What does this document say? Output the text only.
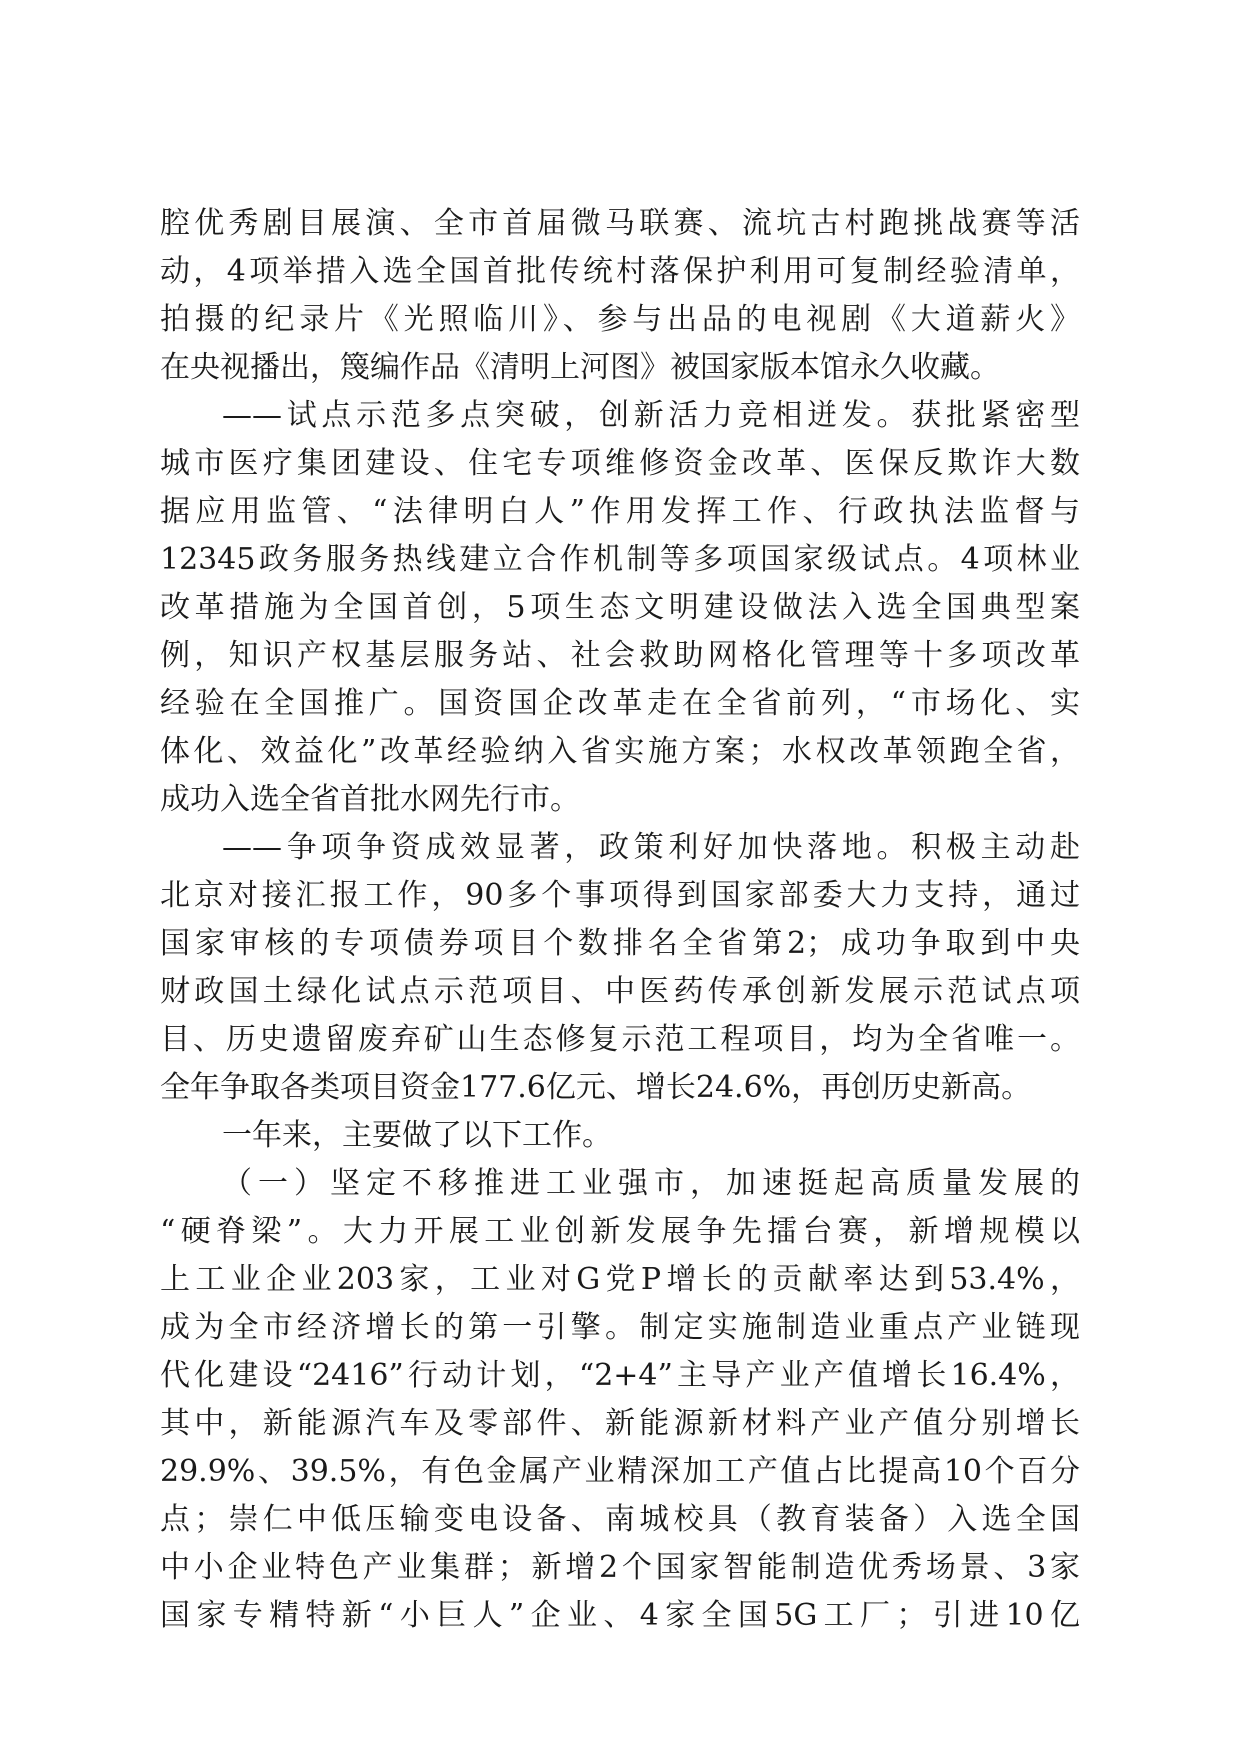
腔优秀剧目展演、全市首届微马联赛、流坑古村跑挑战赛等活
动，4项举措入选全国首批传统村落保护利用可复制经验清单，
拍摄的纪录片《光照临川》、参与出品的电视剧《大道薪火》
在央视播出，篾编作品《清明上河图》被国家版本馆永久收藏。
——试点示范多点突破，创新活力竞相迸发。获批紧密型
城市医疗集团建设、住宅专项维修资金改革、医保反欺诈大数
据应用监管、“法律明白人”作用发挥工作、行政执法监督与
12345政务服务热线建立合作机制等多项国家级试点。4项林业
改革措施为全国首创，5项生态文明建设做法入选全国典型案
例，知识产权基层服务站、社会救助网格化管理等十多项改革
经验在全国推广。国资国企改革走在全省前列，“市场化、实
体化、效益化”改革经验纳入省实施方案；水权改革领跑全省，
成功入选全省首批水网先行市。
——争项争资成效显著，政策利好加快落地。积极主动赴
北京对接汇报工作，90多个事项得到国家部委大力支持，通过
国家审核的专项债券项目个数排名全省第2；成功争取到中央
财政国土绿化试点示范项目、中医药传承创新发展示范试点项
目、历史遗留废弃矿山生态修复示范工程项目，均为全省唯一。
全年争取各类项目资金177.6亿元、增长24.6%，再创历史新高。
一年来，主要做了以下工作。
（一）坚定不移推进工业强市，加速挺起高质量发展的
“硬脊梁”。大力开展工业创新发展争先擂台赛，新增规模以
上工业企业203家，工业对G党P增长的贡献率达到53.4%，
成为全市经济增长的第一引擎。制定实施制造业重点产业链现
代化建设“2416”行动计划，“2+4”主导产业产值增长16.4%，
其中，新能源汽车及零部件、新能源新材料产业产值分别增长
29.9%、39.5%，有色金属产业精深加工产值占比提高10个百分
点；崇仁中低压输变电设备、南城校具（教育装备）入选全国
中小企业特色产业集群；新增2个国家智能制造优秀场景、3家
国家专精特新“小巨人”企业、4家全国5G工厂；引进10亿
